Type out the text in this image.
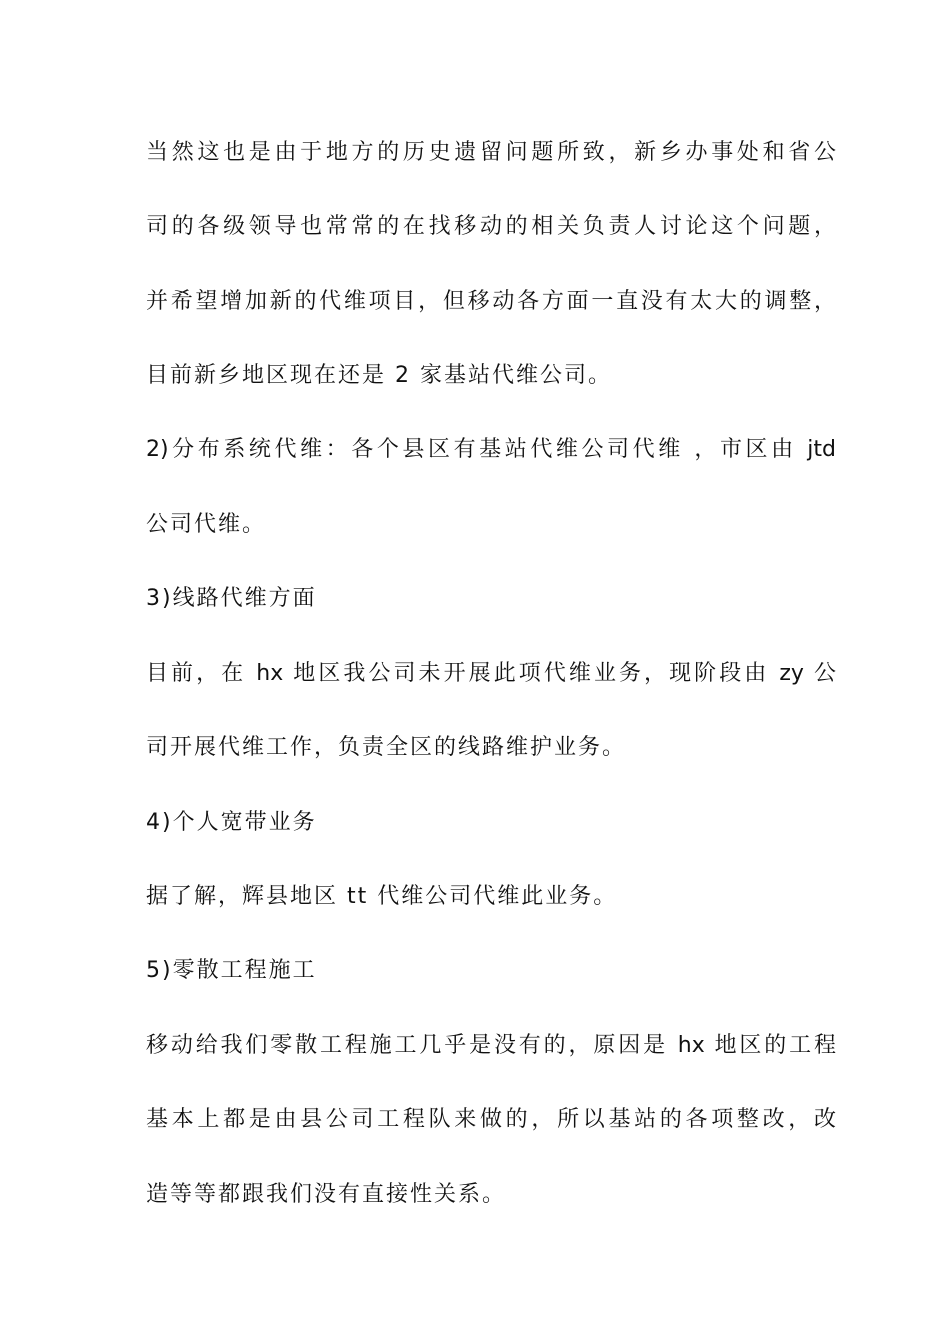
当然这也是由于地方的历史遗留问题所致，新乡办事处和省公
司的各级领导也常常的在找移动的相关负责人讨论这个问题，
并希望增加新的代维项目，但移动各方面一直没有太大的调整，
目前新乡地区现在还是 2 家基站代维公司。
2)分布系统代维：各个县区有基站代维公司代维 ，市区由 jtd
公司代维。
3)线路代维方面
目前，在 hx 地区我公司未开展此项代维业务，现阶段由 zy 公
司开展代维工作，负责全区的线路维护业务。
4)个人宽带业务
据了解，辉县地区 tt 代维公司代维此业务。
5)零散工程施工
移动给我们零散工程施工几乎是没有的，原因是 hx 地区的工程
基本上都是由县公司工程队来做的，所以基站的各项整改，改
造等等都跟我们没有直接性关系。
